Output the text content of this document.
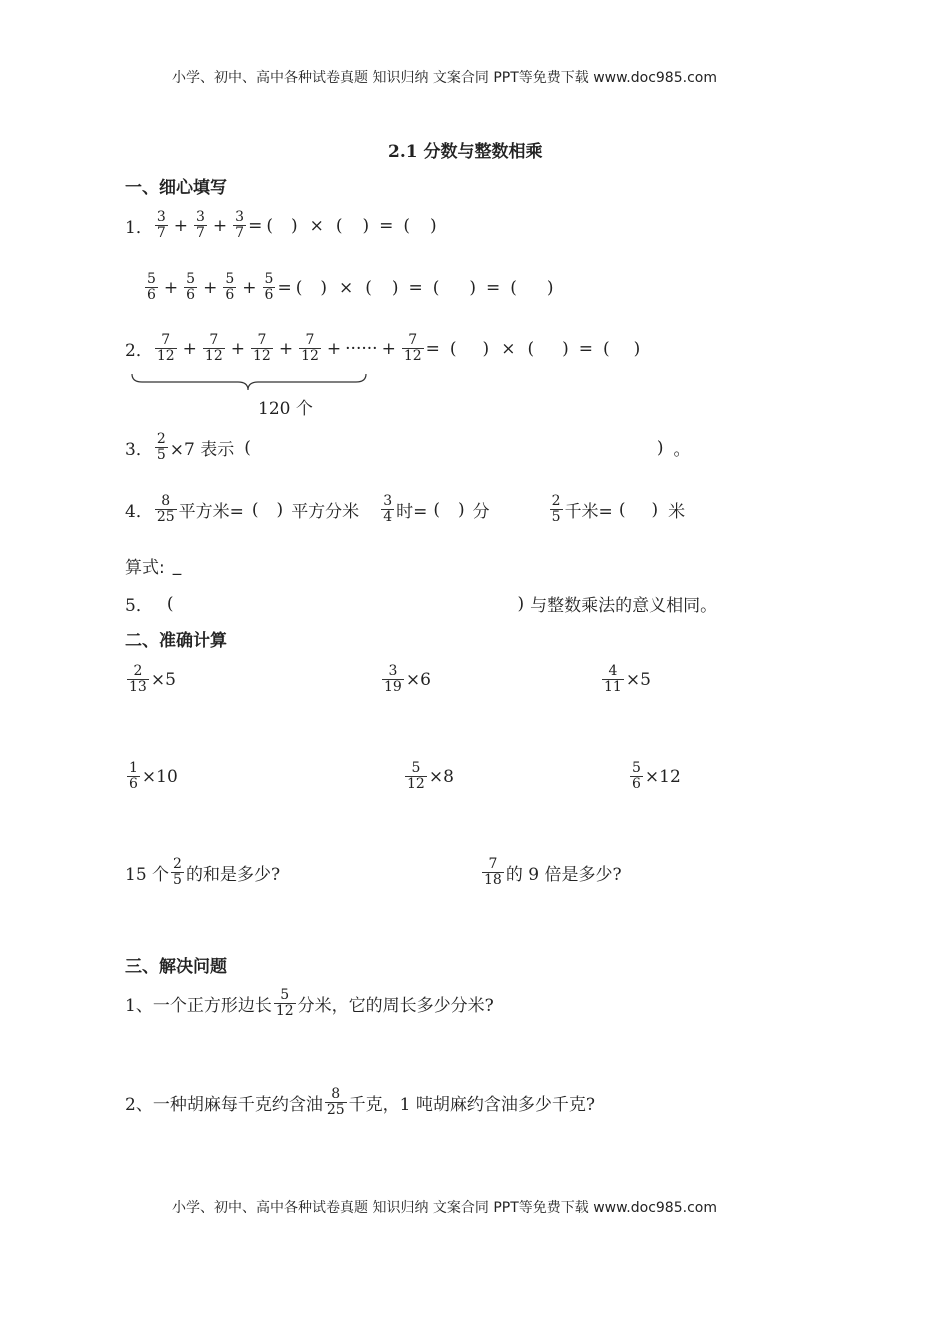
小学、初中、高中各种试卷真题 知识归纳 文案合同 PPT等免费下载 www.doc985.com
2.1 分数与整数相乘
一、细心填写
1． $\frac{3}{7} + \frac{3}{7} + \frac{3}{7}$ = ( ) × ( ) = ( )
$\frac{5}{6} + \frac{5}{6} + \frac{5}{6} + \frac{5}{6}$ = ( ) × ( ) = ( ) = ( )
2． $\frac{7}{12} + \frac{7}{12} + \frac{7}{12} + \frac{7}{12}$ + ······ + $\frac{7}{12}$ = ( ) × ( ) = ( )
120 个
3． $\frac{2}{5} \times 7$ 表示 (	) 。
4． $\frac{8}{25}$ 平方米= ( ) 平方分米 $\frac{3}{4}$ 时= ( ) 分	$\frac{2}{5}$ 千米= ( ) 米
算式: _
5． (	) 与整数乘法的意义相同。
二、准确计算
$\frac{2}{13} \times 5$	$\frac{3}{19} \times 6$	$\frac{4}{11} \times 5$
$\frac{1}{6} \times 10$	$\frac{5}{12} \times 8$	$\frac{5}{6} \times 12$
15 个 $\frac{2}{5}$ 的和是多少?	$\frac{7}{18}$ 的 9 倍是多少?
三、解决问题
1、一个正方形边长 $\frac{5}{12}$ 分米，它的周长多少分米?
2、一种胡麻每千克约含油 $\frac{8}{25}$ 千克，1 吨胡麻约含油多少千克?
小学、初中、高中各种试卷真题 知识归纳 文案合同 PPT等免费下载 www.doc985.com
